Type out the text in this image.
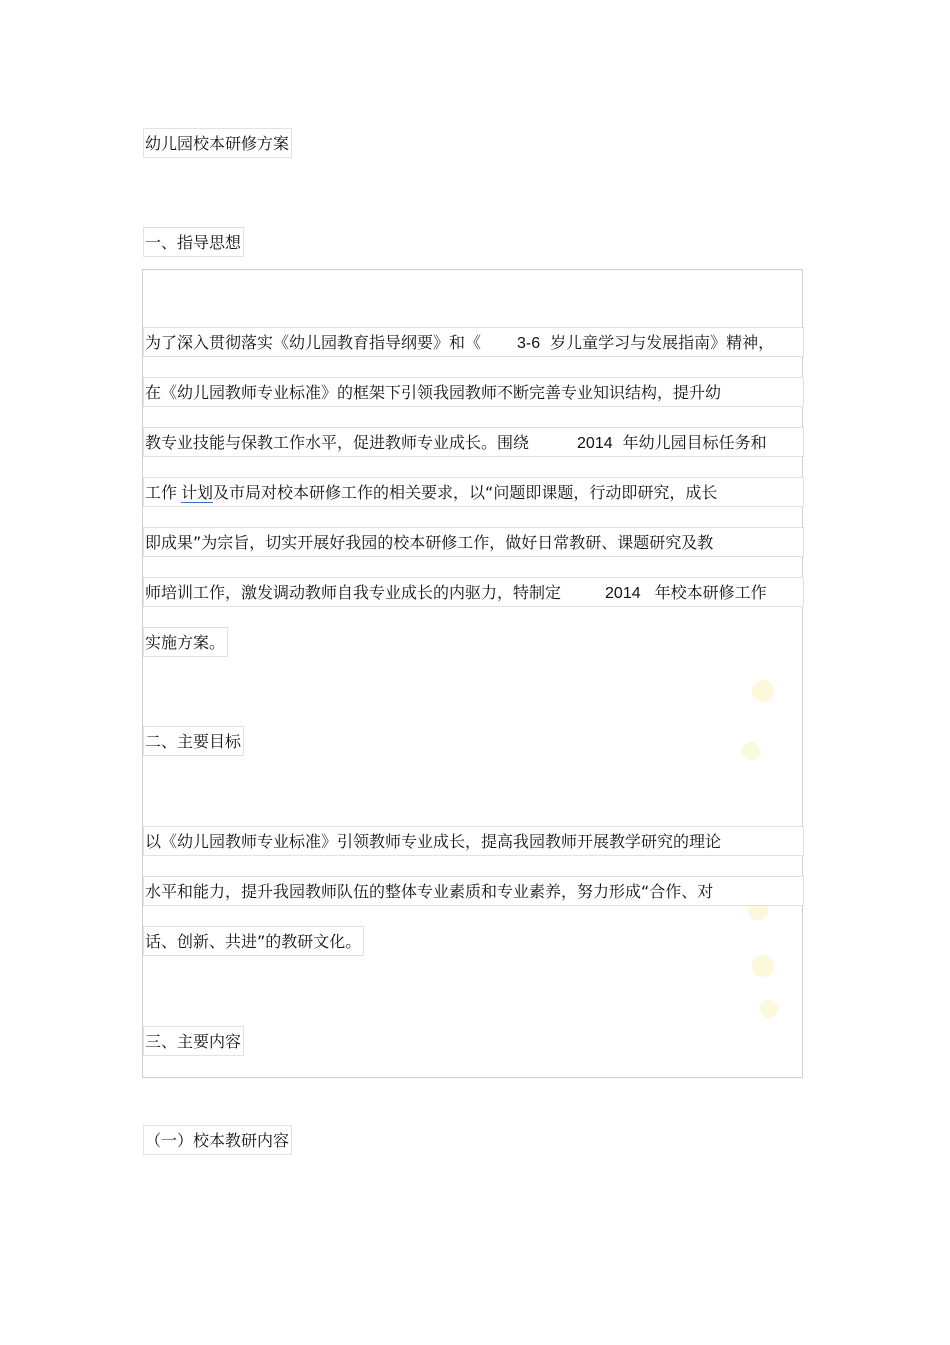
幼儿园校本研修方案
一、指导思想
为了深入贯彻落实《幼儿园教育指导纲要》和《 3-6 岁儿童学习与发展指南》精神，
在《幼儿园教师专业标准》的框架下引领我园教师不断完善专业知识结构，提升幼
教专业技能与保教工作水平，促进教师专业成长。围绕	2014 年幼儿园目标任务和
工作 计划及市局对校本研修工作的相关要求，以“问题即课题，行动即研究，成长
即成果”为宗旨，切实开展好我园的校本研修工作，做好日常教研、课题研究及教
师培训工作，激发调动教师自我专业成长的内驱力，特制定	2014 年校本研修工作
实施方案。
二、主要目标
以《幼儿园教师专业标准》引领教师专业成长，提高我园教师开展教学研究的理论
水平和能力，提升我园教师队伍的整体专业素质和专业素养，努力形成“合作、对
话、创新、共进”的教研文化。
三、主要内容
（一）校本教研内容
